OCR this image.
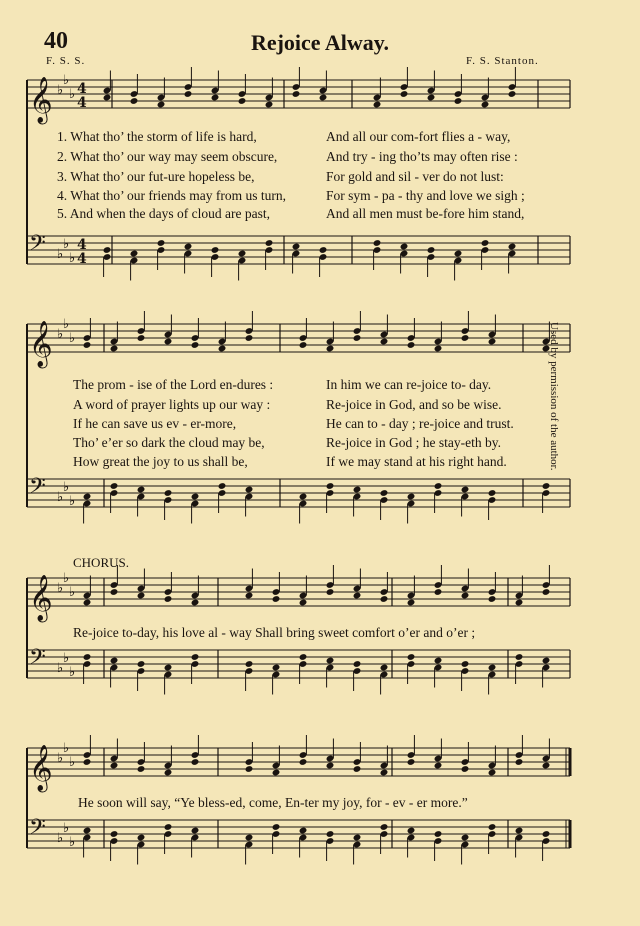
40	Rejoice Alway.
F. S. S.	F. S. Stanton.
𝄞 ♭
♭
♭ 4
4
𝄢 ♭
♭
♭
4
4
𝄞 ♭
♭
♭
𝄢 ♭
♭
♭
𝄞 ♭
♭
♭
𝄢 ♭
♭
♭
𝄞 ♭
♭
♭
𝄢 ♭
♭
♭
1. What tho’ the storm of life is hard,	And all our com-fort flies a - way,
2. What tho’ our way may seem obscure,	And try - ing tho’ts may often rise :
3. What tho’ our fut-ure hopeless be,	For gold and sil - ver do not lust:
4. What tho’ our friends may from us turn,	For sym - pa - thy and love we sigh ;
5. And when the days of cloud are past,	And all men must be-fore him stand,
The prom - ise of the Lord en-dures :	In him we can re-joice to- day.
A word of prayer lights up our way :	Re-joice in God, and so be wise.
If he can save us ev - er-more,	He can to - day ; re-joice and trust.
Tho’ e’er so dark the cloud may be,	Re-joice in God ; he stay-eth by.
How great the joy to us shall be,	If we may stand at his right hand.
CHORUS.
Re-joice to-day, his love al - way Shall bring sweet comfort o’er and o’er ;
He soon will say, “Ye bless-ed, come, En-ter my joy, for - ev - er more.”
Used by permission of the author.
